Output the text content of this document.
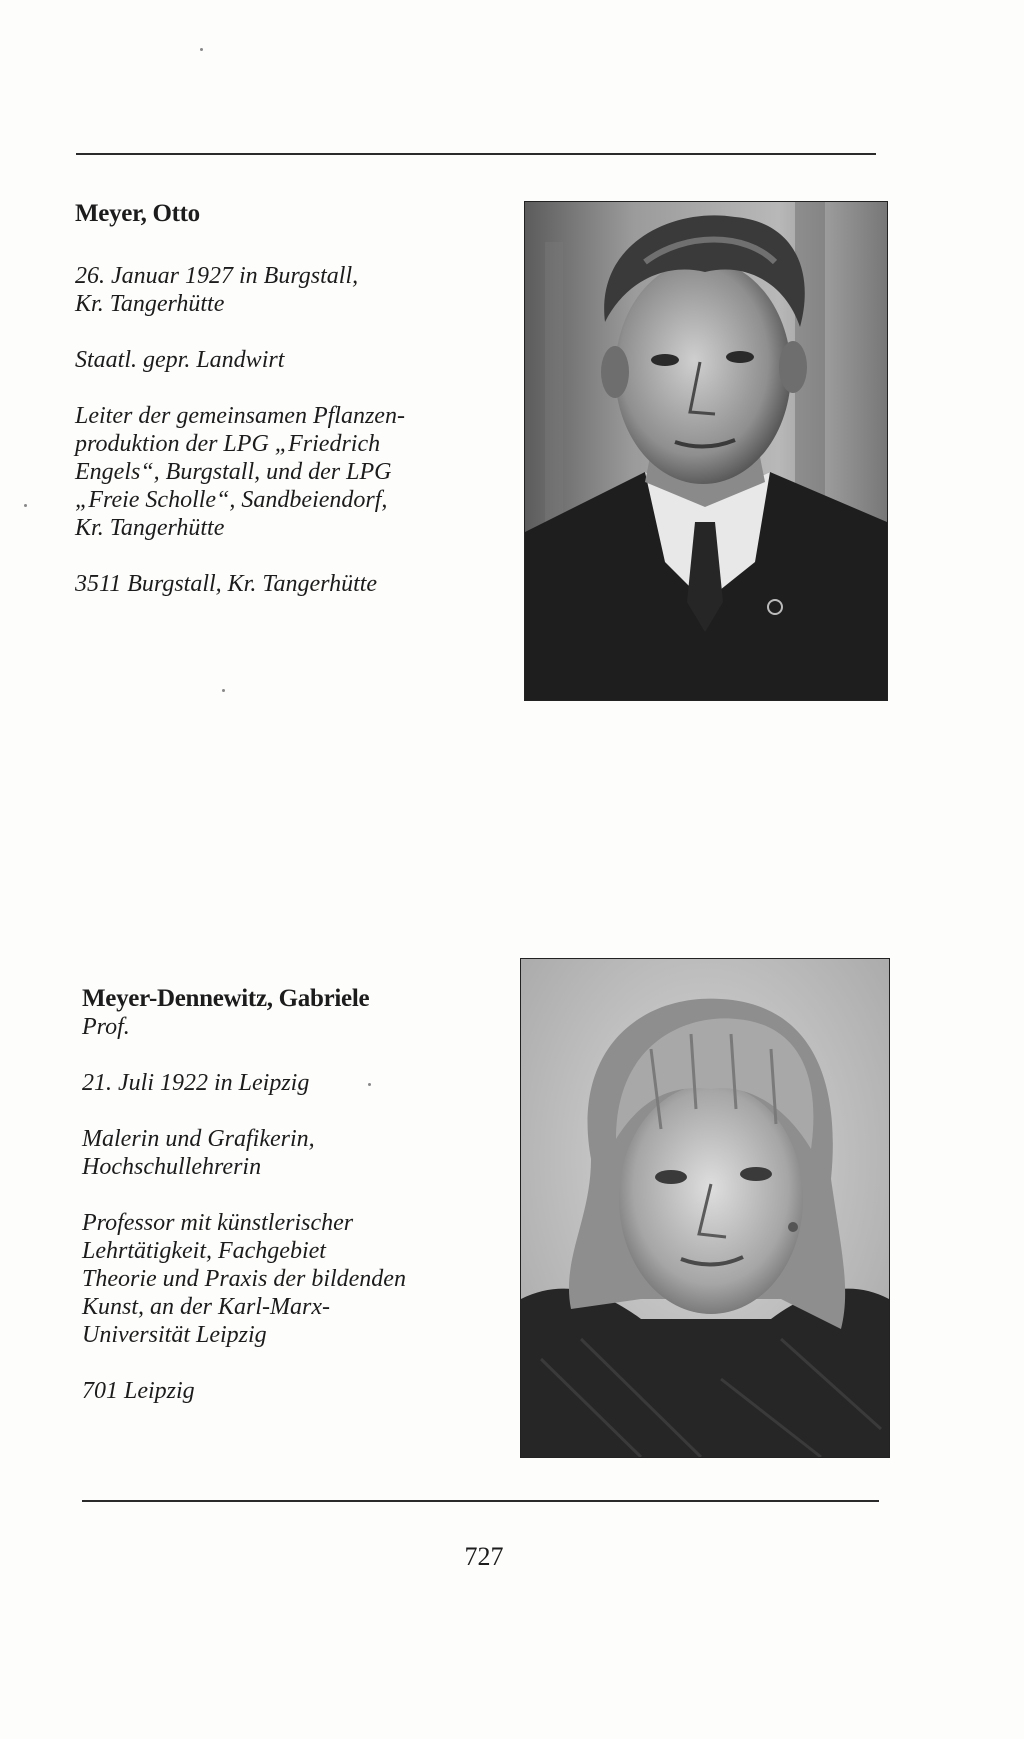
Meyer, Otto
26. Januar 1927 in Burgstall,
Kr. Tangerhütte
Staatl. gepr. Landwirt
Leiter der gemeinsamen Pflanzen-
produktion der LPG „Friedrich
Engels“, Burgstall, und der LPG
„Freie Scholle“, Sandbeiendorf,
Kr. Tangerhütte
3511 Burgstall, Kr. Tangerhütte
Meyer-Dennewitz, Gabriele
Prof.
21. Juli 1922 in Leipzig
Malerin und Grafikerin,
Hochschullehrerin
Professor mit künstlerischer
Lehrtätigkeit, Fachgebiet
Theorie und Praxis der bildenden
Kunst, an der Karl-Marx-
Universität Leipzig
701 Leipzig
727
